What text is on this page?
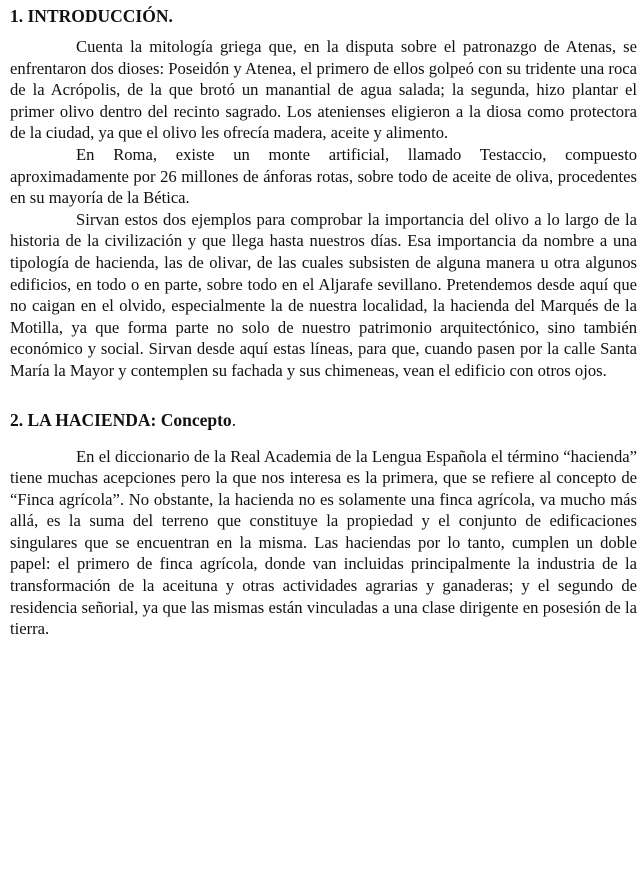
1. INTRODUCCIÓN.

Cuenta la mitología griega que, en la disputa sobre el patronazgo de Atenas, se enfrentaron dos dioses: Poseidón y Atenea, el primero de ellos golpeó con su tridente una roca de la Acrópolis, de la que brotó un manantial de agua salada; la segunda, hizo plantar el primer olivo dentro del recinto sagrado. Los atenienses eligieron a la diosa como protectora de la ciudad, ya que el olivo les ofrecía madera, aceite y alimento.

En Roma, existe un monte artificial, llamado Testaccio, compuesto aproximadamente por 26 millones de ánforas rotas, sobre todo de aceite de oliva, procedentes en su mayoría de la Bética.

Sirvan estos dos ejemplos para comprobar la importancia del olivo a lo largo de la historia de la civilización y que llega hasta nuestros días. Esa importancia da nombre a una tipología de hacienda, las de olivar, de las cuales subsisten de alguna manera u otra algunos edificios, en todo o en parte, sobre todo en el Aljarafe sevillano. Pretendemos desde aquí que no caigan en el olvido, especialmente la de nuestra localidad, la hacienda del Marqués de la Motilla, ya que forma parte no solo de nuestro patrimonio arquitectónico, sino también económico y social. Sirvan desde aquí estas líneas, para que, cuando pasen por la calle Santa María la Mayor y contemplen su fachada y sus chimeneas, vean el edificio con otros ojos.

2. LA HACIENDA: Concepto.

En el diccionario de la Real Academia de la Lengua Española el término “hacienda” tiene muchas acepciones pero la que nos interesa es la primera, que se refiere al concepto de “Finca agrícola”. No obstante, la hacienda no es solamente una finca agrícola, va mucho más allá, es la suma del terreno que constituye la propiedad y el conjunto de edificaciones singulares que se encuentran en la misma. Las haciendas por lo tanto, cumplen un doble papel: el primero de finca agrícola, donde van incluidas principalmente la industria de la transformación de la aceituna y otras actividades agrarias y ganaderas; y el segundo de residencia señorial, ya que las mismas están vinculadas a una clase dirigente en posesión de la tierra.
